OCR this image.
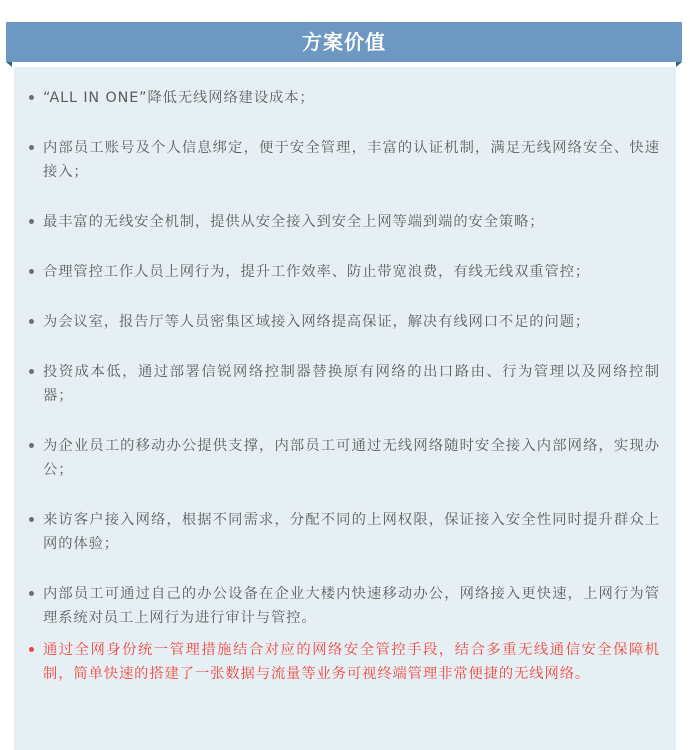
方案价值
“ALL IN ONE”降低无线网络建设成本；
内部员工账号及个人信息绑定，便于安全管理，丰富的认证机制，满足无线网络安全、快速接入；
最丰富的无线安全机制，提供从安全接入到安全上网等端到端的安全策略；
合理管控工作人员上网行为，提升工作效率、防止带宽浪费，有线无线双重管控；
为会议室，报告厅等人员密集区域接入网络提高保证，解决有线网口不足的问题；
投资成本低，通过部署信锐网络控制器替换原有网络的出口路由、行为管理以及网络控制器；
为企业员工的移动办公提供支撑，内部员工可通过无线网络随时安全接入内部网络，实现办公；
来访客户接入网络，根据不同需求，分配不同的上网权限，保证接入安全性同时提升群众上网的体验；
内部员工可通过自己的办公设备在企业大楼内快速移动办公，网络接入更快速，上网行为管理系统对员工上网行为进行审计与管控。
通过全网身份统一管理措施结合对应的网络安全管控手段，结合多重无线通信安全保障机制，简单快速的搭建了一张数据与流量等业务可视终端管理非常便捷的无线网络。
